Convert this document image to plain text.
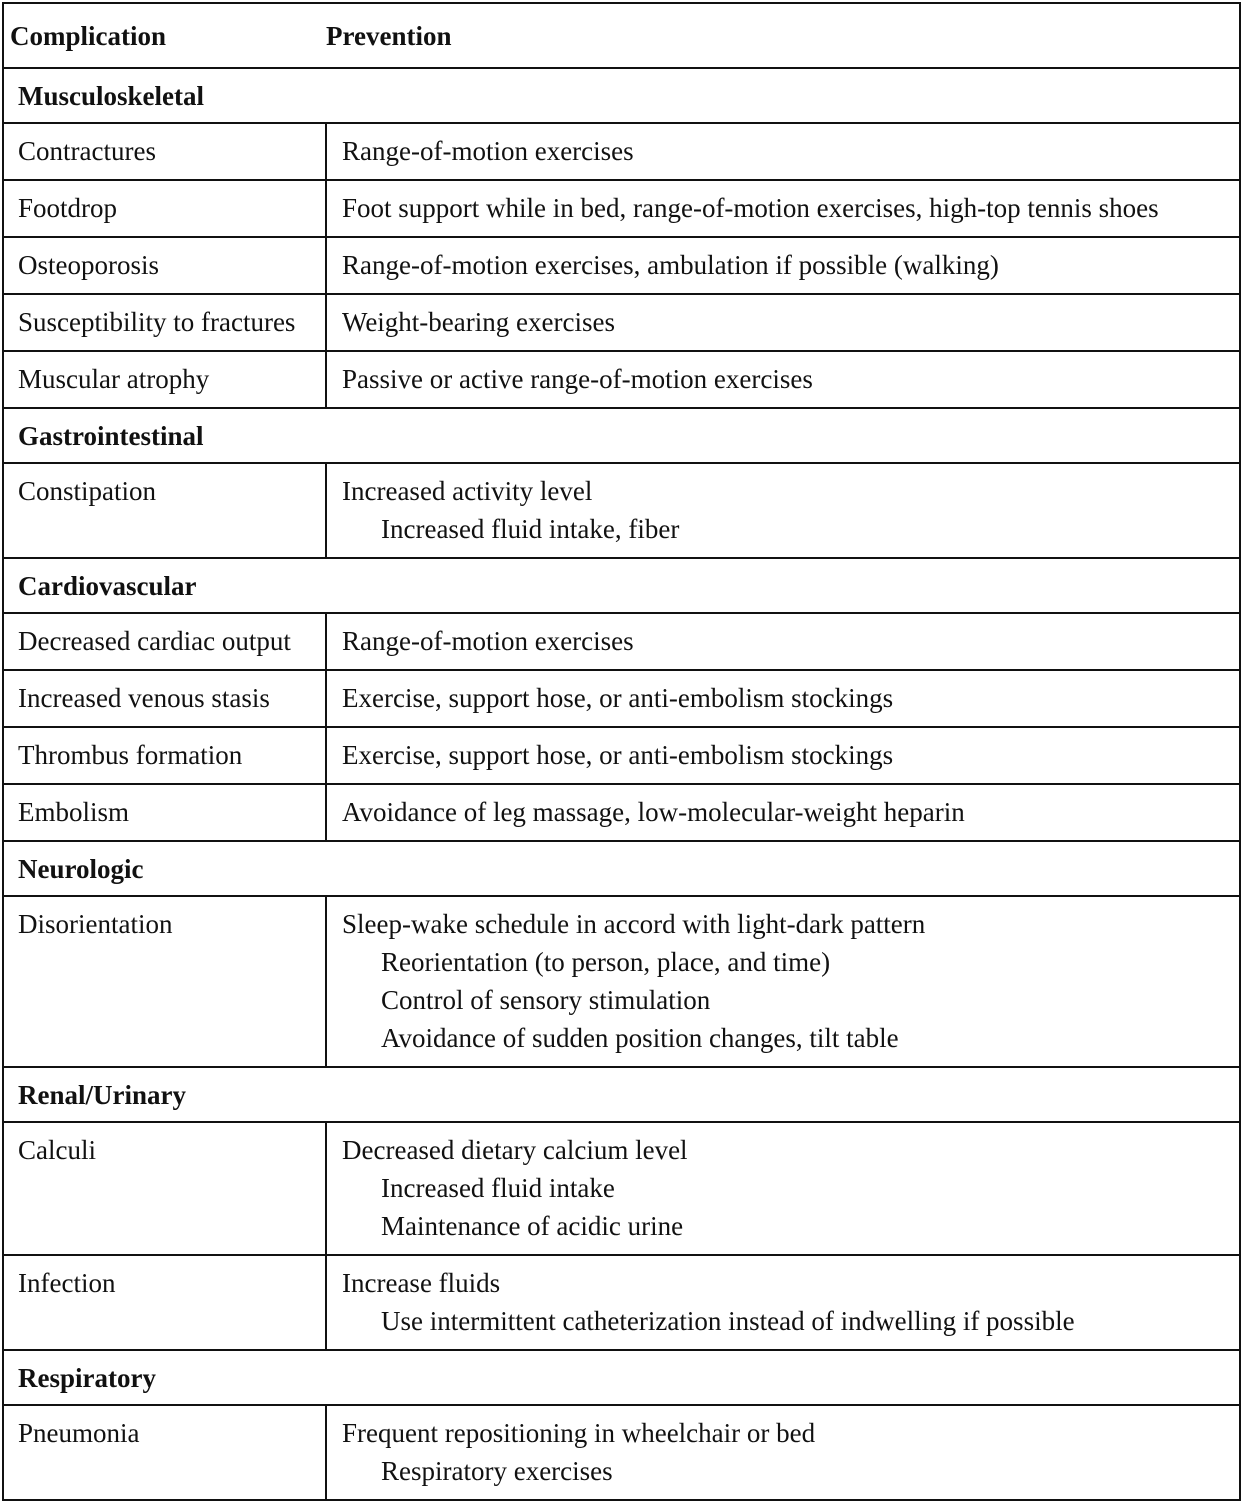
Complication	Prevention
Musculoskeletal	
Contractures	Range-of-motion exercises

Footdrop	Foot support while in bed, range-of-motion exercises, high-top tennis shoes

Osteoporosis	Range-of-motion exercises, ambulation if possible (walking)

Susceptibility to fractures	Weight-bearing exercises

Muscular atrophy	Passive or active range-of-motion exercises

Gastrointestinal	
Constipation	Increased activity level
Increased fluid intake, fiber

Cardiovascular	
Decreased cardiac output	Range-of-motion exercises

Increased venous stasis	Exercise, support hose, or anti-embolism stockings

Thrombus formation	Exercise, support hose, or anti-embolism stockings

Embolism	Avoidance of leg massage, low-molecular-weight heparin

Neurologic	
Disorientation	Sleep-wake schedule in accord with light-dark pattern
Reorientation (to person, place, and time)
Control of sensory stimulation
Avoidance of sudden position changes, tilt table

Renal/Urinary	
Calculi	Decreased dietary calcium level
Increased fluid intake
Maintenance of acidic urine

Infection	Increase fluids
Use intermittent catheterization instead of indwelling if possible

Respiratory	
Pneumonia	Frequent repositioning in wheelchair or bed
Respiratory exercises
